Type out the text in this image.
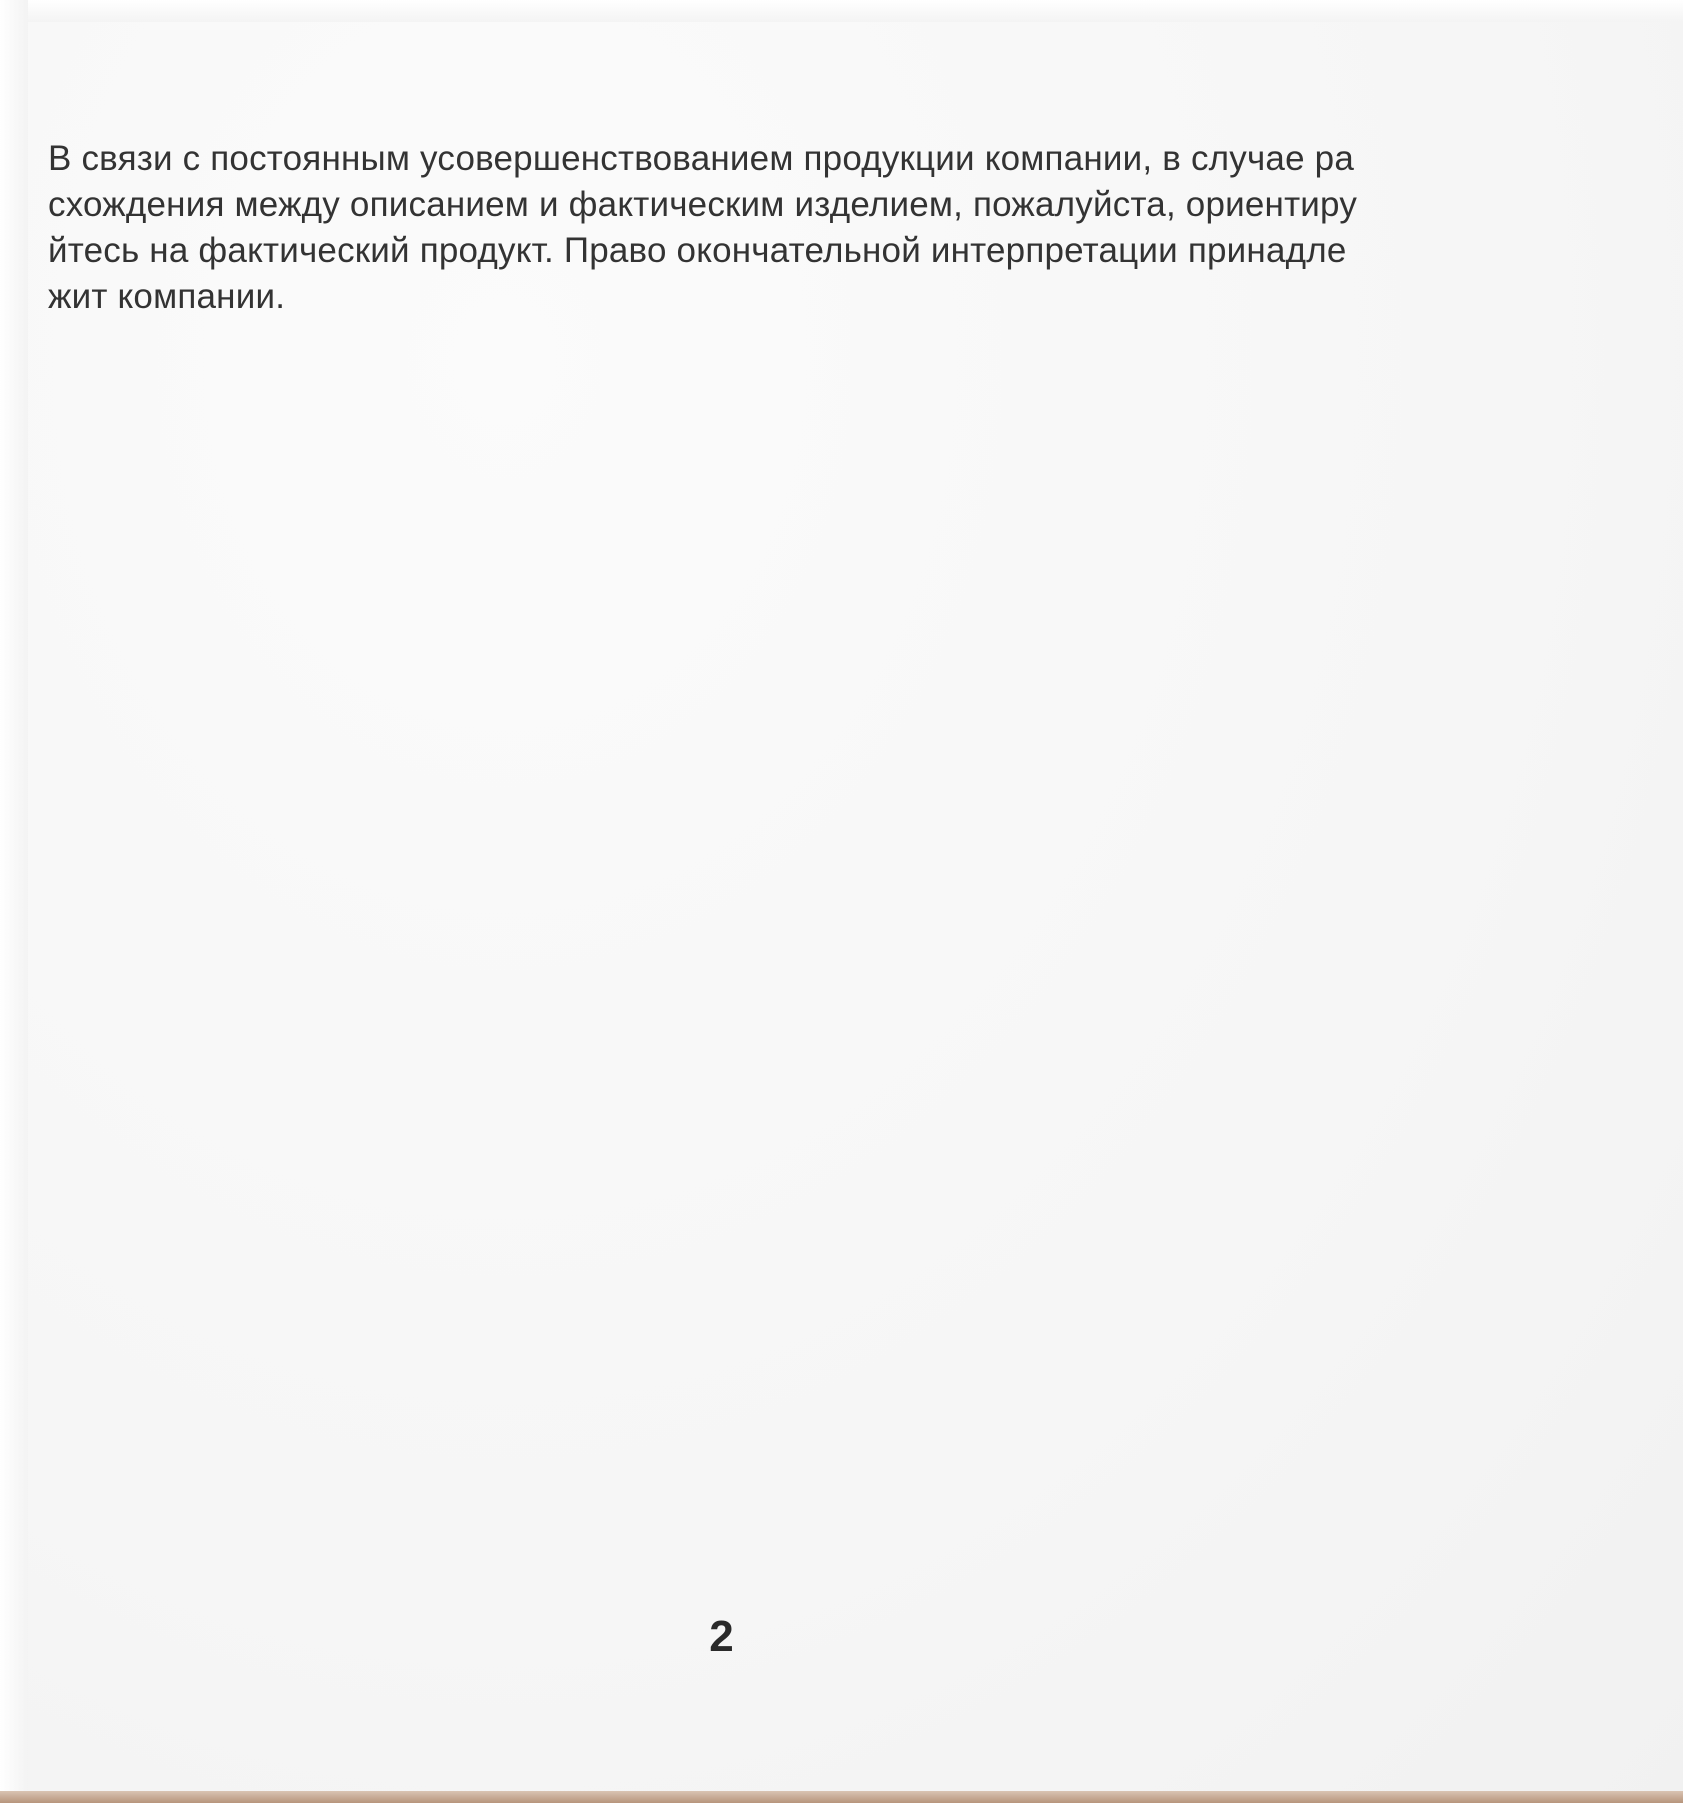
В связи с постоянным усовершенствованием продукции компании, в случае ра
схождения между описанием и фактическим изделием, пожалуйста, ориентиру
йтесь на фактический продукт. Право окончательной интерпретации принадле
жит компании.

2
